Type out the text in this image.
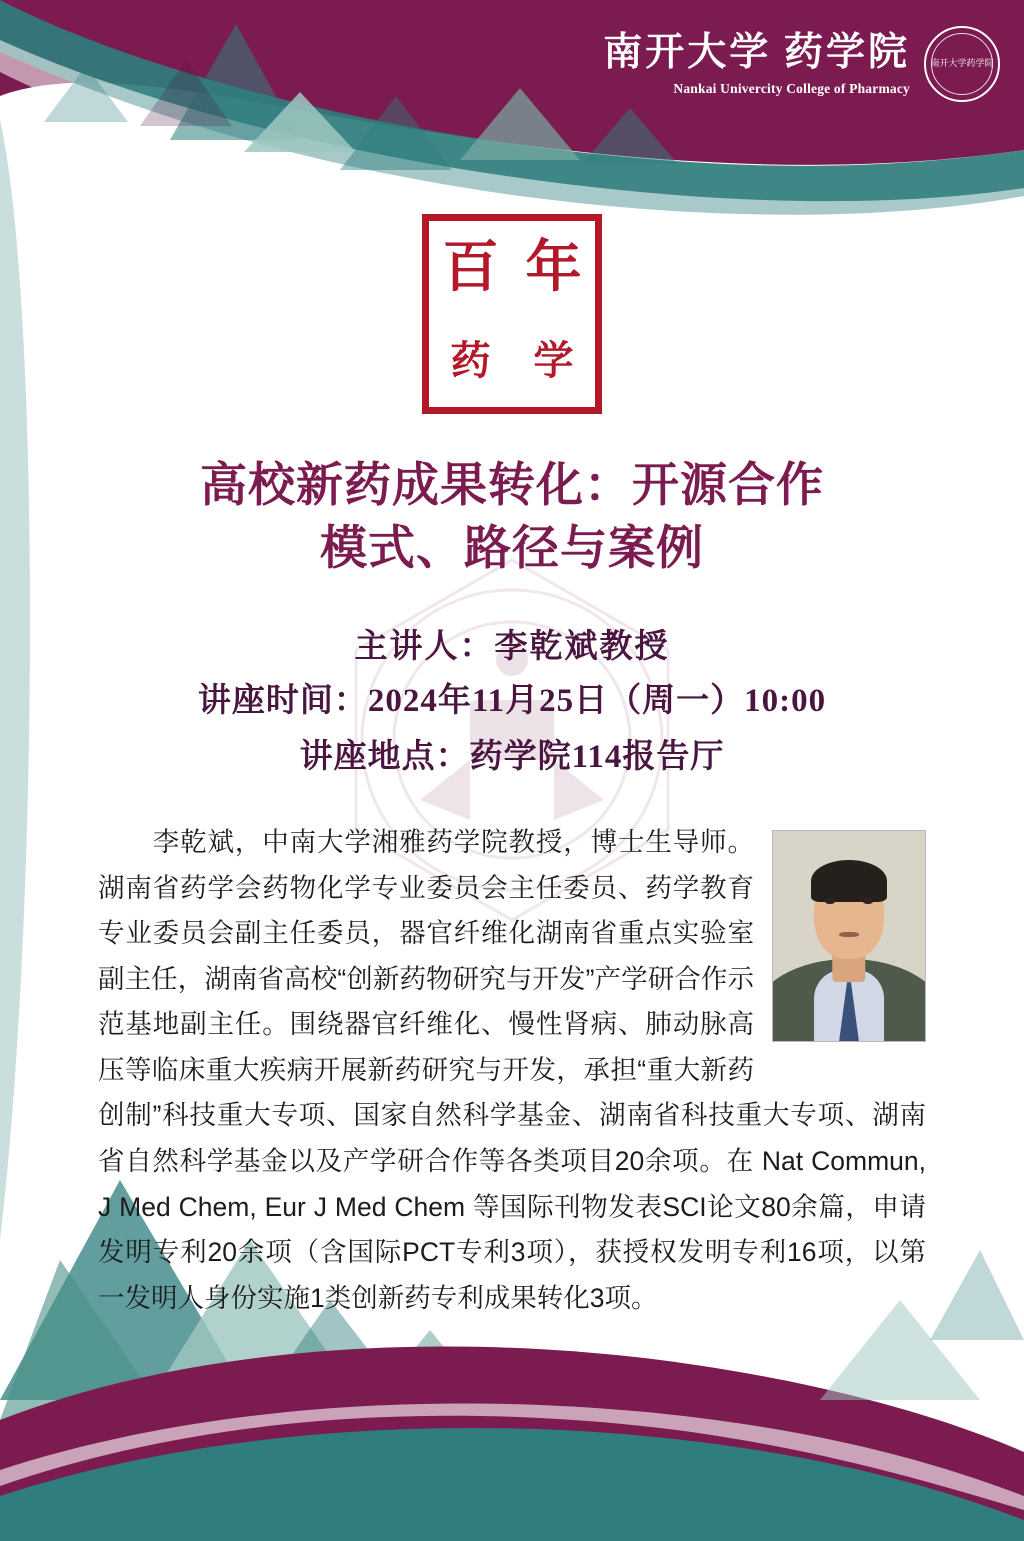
南开大学 药学院
Nankai Univercity College of Pharmacy
南开大学药学院
百 年
药	学
高校新药成果转化：开源合作
模式、路径与案例
主讲人：李乾斌教授
讲座时间：2024年11月25日（周一）10:00
讲座地点：药学院114报告厅

　　李乾斌，中南大学湘雅药学院教授，博士生导师。湖南省药学会药物化学专业委员会主任委员、药学教育专业委员会副主任委员，器官纤维化湖南省重点实验室副主任，湖南省高校“创新药物研究与开发”产学研合作示范基地副主任。围绕器官纤维化、慢性肾病、肺动脉高压等临床重大疾病开展新药研究与开发，承担“重大新药创制”科技重大专项、国家自然科学基金、湖南省科技重大专项、湖南省自然科学基金以及产学研合作等各类项目20余项。在 Nat Commun, J Med Chem, Eur J Med Chem 等国际刊物发表SCI论文80余篇，申请发明专利20余项（含国际PCT专利3项），获授权发明专利16项，以第一发明人身份实施1类创新药专利成果转化3项。
